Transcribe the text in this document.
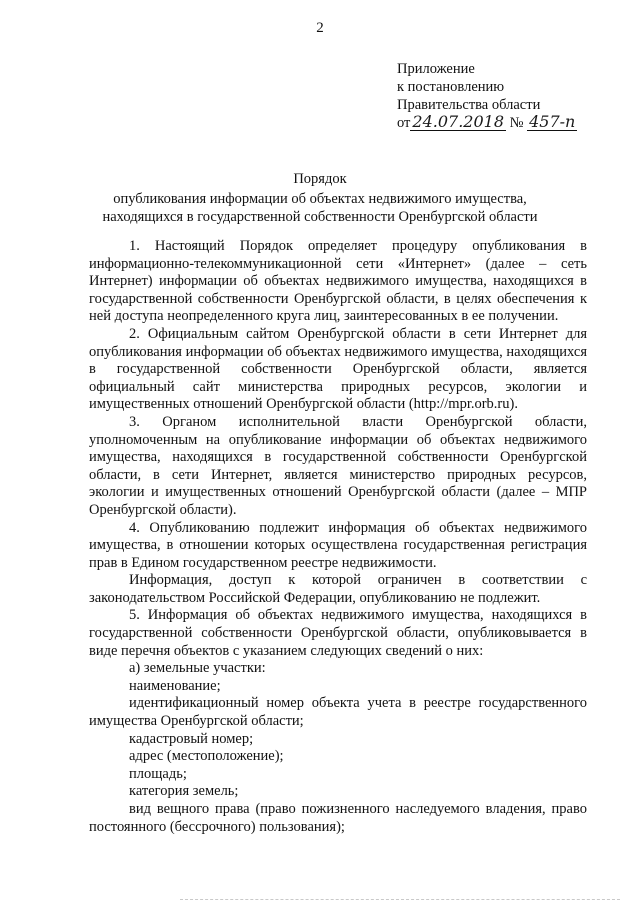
2
Приложение
к постановлению
Правительства области
от 24.07.2018 № 457-п
Порядок
опубликования информации об объектах недвижимого имущества,
находящихся в государственной собственности Оренбургской области

1. Настоящий Порядок определяет процедуру опубликования в информационно-телекоммуникационной сети «Интернет» (далее – сеть Интернет) информации об объектах недвижимого имущества, находящихся в государственной собственности Оренбургской области, в целях обеспечения к ней доступа неопределенного круга лиц, заинтересованных в ее получении.

2. Официальным сайтом Оренбургской области в сети Интернет для опубликования информации об объектах недвижимого имущества, находящихся в государственной собственности Оренбургской области, является официальный сайт министерства природных ресурсов, экологии и имущественных отношений Оренбургской области (http://mpr.orb.ru).

3. Органом исполнительной власти Оренбургской области, уполномоченным на опубликование информации об объектах недвижимого имущества, находящихся в государственной собственности Оренбургской области, в сети Интернет, является министерство природных ресурсов, экологии и имущественных отношений Оренбургской области (далее – МПР Оренбургской области).

4. Опубликованию подлежит информация об объектах недвижимого имущества, в отношении которых осуществлена государственная регистрация прав в Едином государственном реестре недвижимости.

Информация, доступ к которой ограничен в соответствии с законодательством Российской Федерации, опубликованию не подлежит.

5. Информация об объектах недвижимого имущества, находящихся в государственной собственности Оренбургской области, опубликовывается в виде перечня объектов с указанием следующих сведений о них:

а) земельные участки:

наименование;

идентификационный номер объекта учета в реестре государственного имущества Оренбургской области;

кадастровый номер;

адрес (местоположение);

площадь;

категория земель;

вид вещного права (право пожизненного наследуемого владения, право постоянного (бессрочного) пользования);
